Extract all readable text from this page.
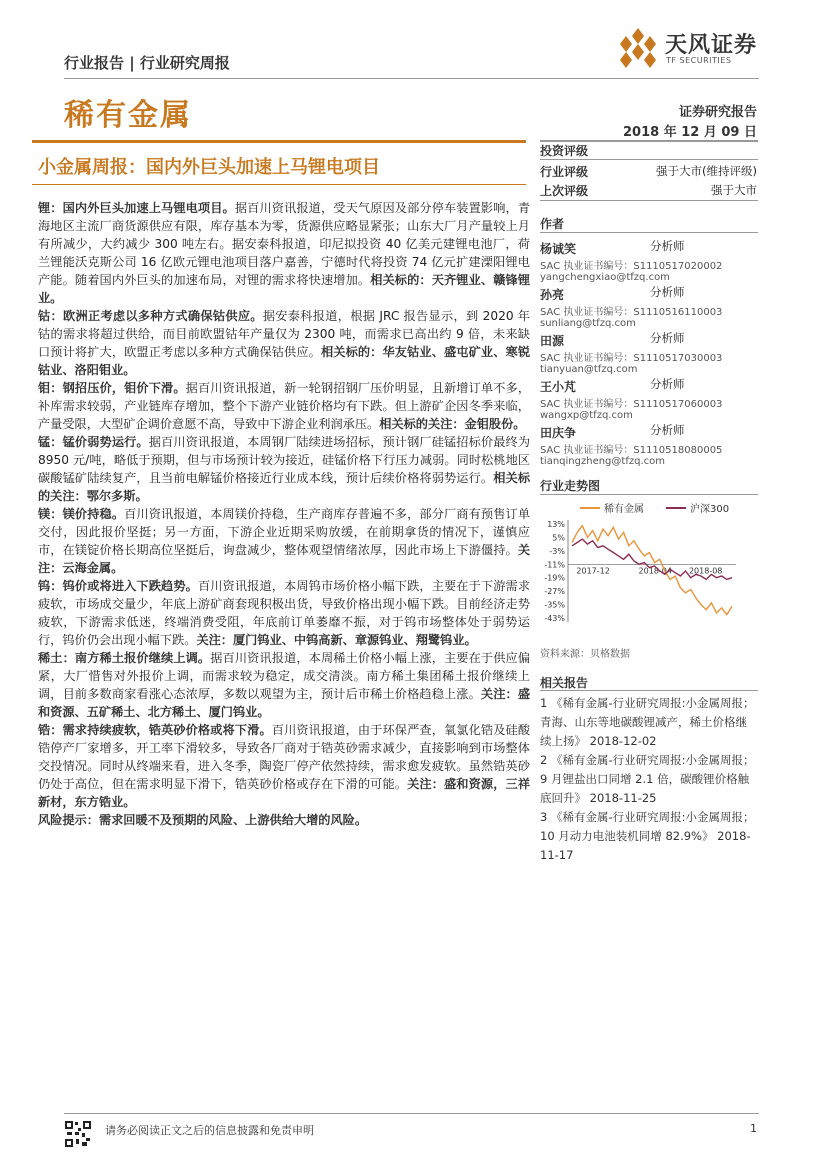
行业报告 | 行业研究周报
天风证券
TF SECURITIES
稀有金属	证券研究报告
2018 年 12 月 09 日
小金属周报：国内外巨头加速上马锂电项目

锂：国内外巨头加速上马锂电项目。据百川资讯报道，受天气原因及部分停车装置影响，青海地区主流厂商货源供应有限，库存基本为零，货源供应略显紧张；山东大厂月产量较上月有所减少，大约减少 300 吨左右。据安泰科报道，印尼拟投资 40 亿美元建锂电池厂，荷兰锂能沃克斯公司 16 亿欧元锂电池项目落户嘉善，宁德时代将投资 74 亿元扩建溧阳锂电产能。随着国内外巨头的加速布局，对锂的需求将快速增加。相关标的：天齐锂业、赣锋锂业。

钴：欧洲正考虑以多种方式确保钴供应。据安泰科报道，根据 JRC 报告显示，到 2020 年钴的需求将超过供给，而目前欧盟钴年产量仅为 2300 吨，而需求已高出约 9 倍，未来缺口预计将扩大，欧盟正考虑以多种方式确保钴供应。相关标的：华友钴业、盛屯矿业、寒锐钴业、洛阳钼业。

钼：钢招压价，钼价下滑。据百川资讯报道，新一轮钢招钢厂压价明显，且新增订单不多，补库需求较弱，产业链库存增加，整个下游产业链价格均有下跌。但上游矿企因冬季来临，产量受限，大型矿企调价意愿不高，导致中下游企业利润承压。相关标的关注：金钼股份。

锰：锰价弱势运行。据百川资讯报道，本周钢厂陆续进场招标，预计钢厂硅锰招标价最终为 8950 元/吨，略低于预期，但与市场预计较为接近，硅锰价格下行压力减弱。同时松桃地区碳酸锰矿陆续复产，且当前电解锰价格接近行业成本线，预计后续价格将弱势运行。相关标的关注：鄂尔多斯。

镁：镁价持稳。百川资讯报道，本周镁价持稳，生产商库存普遍不多，部分厂商有预售订单交付，因此报价坚挺；另一方面，下游企业近期采购放缓，在前期拿货的情况下，谨慎应市，在镁锭价格长期高位坚挺后，询盘减少，整体观望情绪浓厚，因此市场上下游僵持。关注：云海金属。

钨：钨价或将进入下跌趋势。百川资讯报道，本周钨市场价格小幅下跌，主要在于下游需求疲软，市场成交量少，年底上游矿商套现积极出货，导致价格出现小幅下跌。目前经济走势疲软，下游需求低迷，终端消费受阻，年底前订单萎靡不振，对于钨市场整体处于弱势运行，钨价仍会出现小幅下跌。关注：厦门钨业、中钨高新、章源钨业、翔鹭钨业。

稀土：南方稀土报价继续上调。据百川资讯报道，本周稀土价格小幅上涨，主要在于供应偏紧，大厂惜售对外报价上调，而需求较为稳定，成交清淡。南方稀土集团稀土报价继续上调，目前多数商家看涨心态浓厚，多数以观望为主，预计后市稀土价格趋稳上涨。关注：盛和资源、五矿稀土、北方稀土、厦门钨业。

锆：需求持续疲软，锆英砂价格或将下滑。百川资讯报道，由于环保严查，氧氯化锆及硅酸锆停产厂家增多，开工率下滑较多，导致各厂商对于锆英砂需求减少，直接影响到市场整体交投情况。同时从终端来看，进入冬季，陶瓷厂停产依然持续，需求愈发疲软。虽然锆英砂仍处于高位，但在需求明显下滑下，锆英砂价格或存在下滑的可能。关注：盛和资源，三祥新材，东方锆业。

风险提示：需求回暖不及预期的风险、上游供给大增的风险。

投资评级
行业评级	强于大市(维持评级)
上次评级	强于大市
作者
杨诚笑	分析师
SAC 执业证书编号：S1110517020002
yangchengxiao@tfzq.com
孙亮	分析师
SAC 执业证书编号：S1110516110003
sunliang@tfzq.com
田源	分析师
SAC 执业证书编号：S1110517030003
tianyuan@tfzq.com
王小芃	分析师
SAC 执业证书编号：S1110517060003
wangxp@tfzq.com
田庆争	分析师
SAC 执业证书编号：S1110518080005
tianqingzheng@tfzq.com
行业走势图
稀有金属	沪深300
13%
5%
-3%
-11%
-19%
-27%
-35%
-43%
2017-12	2018-04 2018-08
资料来源：贝格数据
相关报告
1 《稀有金属-行业研究周报:小金属周报；青海、山东等地碳酸锂减产，稀土价格继续上扬》 2018-12-02
2 《稀有金属-行业研究周报:小金属周报；9 月锂盐出口同增 2.1 倍，碳酸锂价格触底回升》 2018-11-25
3 《稀有金属-行业研究周报:小金属周报；10 月动力电池装机同增 82.9%》 2018-11-17
请务必阅读正文之后的信息披露和免责申明	1
